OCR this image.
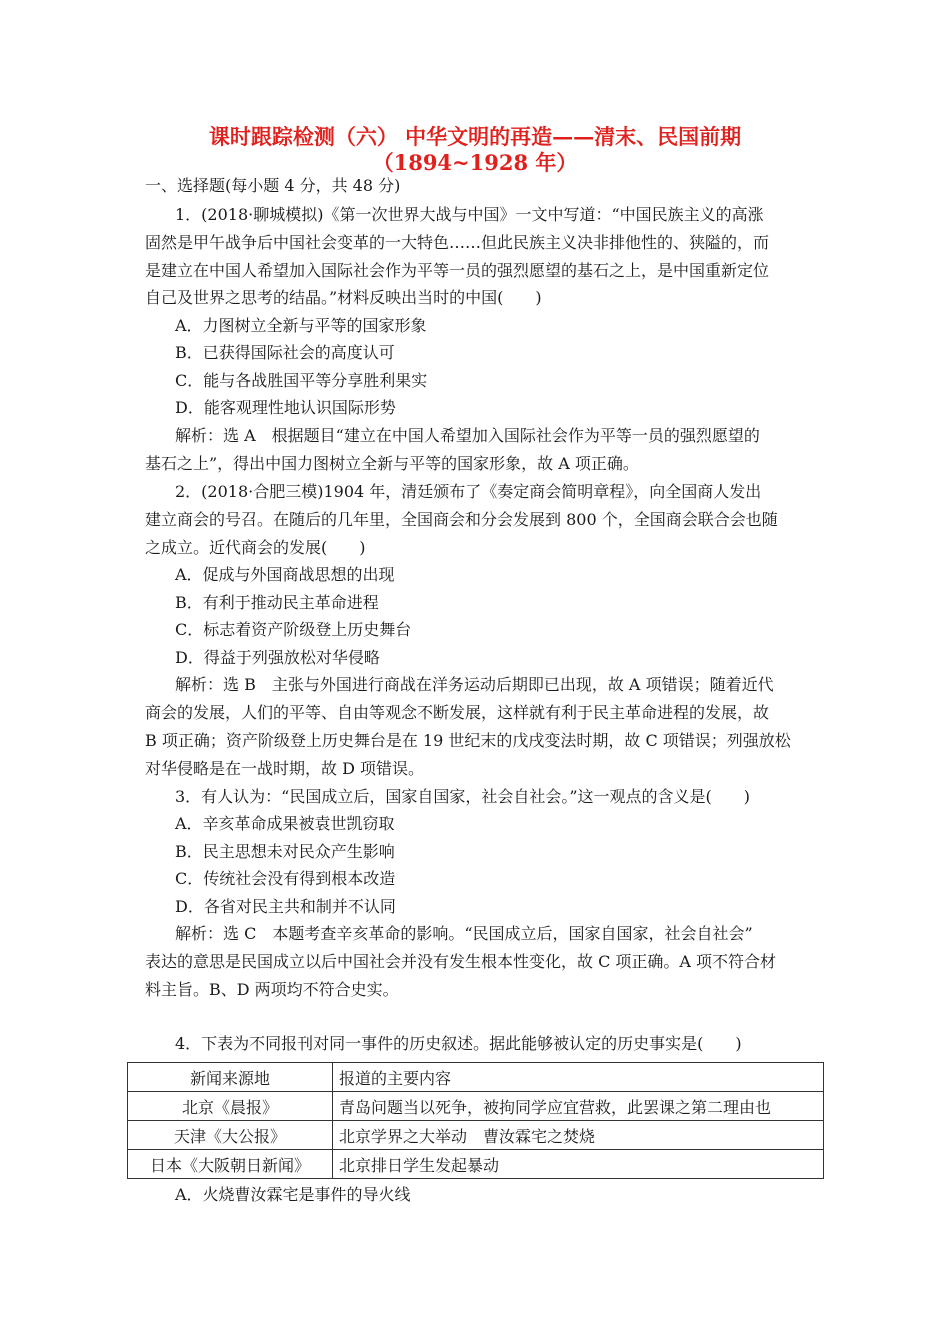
课时跟踪检测（六） 中华文明的再造——清末、民国前期
（1894~1928 年）
一、选择题(每小题 4 分，共 48 分)
1．(2018·聊城模拟)《第一次世界大战与中国》一文中写道：“中国民族主义的高涨
固然是甲午战争后中国社会变革的一大特色……但此民族主义决非排他性的、狭隘的，而
是建立在中国人希望加入国际社会作为平等一员的强烈愿望的基石之上，是中国重新定位
自己及世界之思考的结晶。”材料反映出当时的中国(　　)
A．力图树立全新与平等的国家形象
B．已获得国际社会的高度认可
C．能与各战胜国平等分享胜利果实
D．能客观理性地认识国际形势
解析：选 A　根据题目“建立在中国人希望加入国际社会作为平等一员的强烈愿望的
基石之上”，得出中国力图树立全新与平等的国家形象，故 A 项正确。
2．(2018·合肥三模)1904 年，清廷颁布了《奏定商会简明章程》，向全国商人发出
建立商会的号召。在随后的几年里，全国商会和分会发展到 800 个，全国商会联合会也随
之成立。近代商会的发展(　　)
A．促成与外国商战思想的出现
B．有利于推动民主革命进程
C．标志着资产阶级登上历史舞台
D．得益于列强放松对华侵略
解析：选 B　主张与外国进行商战在洋务运动后期即已出现，故 A 项错误；随着近代
商会的发展，人们的平等、自由等观念不断发展，这样就有利于民主革命进程的发展，故
B 项正确；资产阶级登上历史舞台是在 19 世纪末的戊戌变法时期，故 C 项错误；列强放松
对华侵略是在一战时期，故 D 项错误。
3．有人认为：“民国成立后，国家自国家，社会自社会。”这一观点的含义是(　　)
A．辛亥革命成果被袁世凯窃取
B．民主思想未对民众产生影响
C．传统社会没有得到根本改造
D．各省对民主共和制并不认同
解析：选 C　本题考查辛亥革命的影响。“民国成立后，国家自国家，社会自社会”
表达的意思是民国成立以后中国社会并没有发生根本性变化，故 C 项正确。A 项不符合材
料主旨。B、D 两项均不符合史实。
4．下表为不同报刊对同一事件的历史叙述。据此能够被认定的历史事实是(　　)
新闻来源地	报道的主要内容
北京《晨报》	青岛问题当以死争，被拘同学应宜营救，此罢课之第二理由也
天津《大公报》	北京学界之大举动　曹汝霖宅之焚烧
日本《大阪朝日新闻》	北京排日学生发起暴动
A．火烧曹汝霖宅是事件的导火线
